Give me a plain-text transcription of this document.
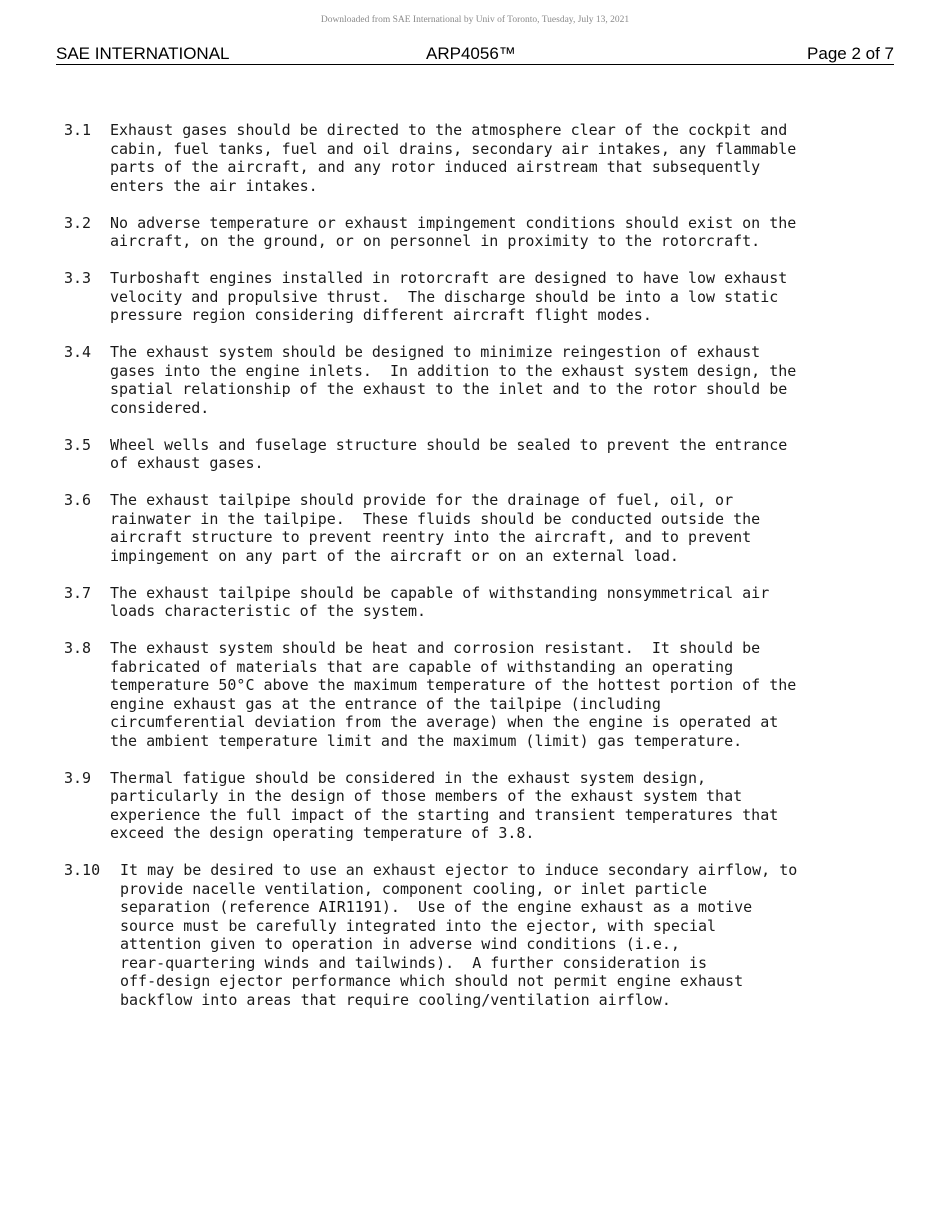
Downloaded from SAE International by Univ of Toronto, Tuesday, July 13, 2021
SAE INTERNATIONAL	ARP4056™	Page 2 of 7
3.1	Exhaust gases should be directed to the atmosphere clear of the cockpit and
cabin, fuel tanks, fuel and oil drains, secondary air intakes, any flammable
parts of the aircraft, and any rotor induced airstream that subsequently
enters the air intakes.
3.2	No adverse temperature or exhaust impingement conditions should exist on the
aircraft, on the ground, or on personnel in proximity to the rotorcraft.
3.3	Turboshaft engines installed in rotorcraft are designed to have low exhaust
velocity and propulsive thrust.  The discharge should be into a low static
pressure region considering different aircraft flight modes.
3.4	The exhaust system should be designed to minimize reingestion of exhaust
gases into the engine inlets.  In addition to the exhaust system design, the
spatial relationship of the exhaust to the inlet and to the rotor should be
considered.
3.5	Wheel wells and fuselage structure should be sealed to prevent the entrance
of exhaust gases.
3.6	The exhaust tailpipe should provide for the drainage of fuel, oil, or
rainwater in the tailpipe.  These fluids should be conducted outside the
aircraft structure to prevent reentry into the aircraft, and to prevent
impingement on any part of the aircraft or on an external load.
3.7	The exhaust tailpipe should be capable of withstanding nonsymmetrical air
loads characteristic of the system.
3.8	The exhaust system should be heat and corrosion resistant.  It should be
fabricated of materials that are capable of withstanding an operating
temperature 50°C above the maximum temperature of the hottest portion of the
engine exhaust gas at the entrance of the tailpipe (including
circumferential deviation from the average) when the engine is operated at
the ambient temperature limit and the maximum (limit) gas temperature.
3.9	Thermal fatigue should be considered in the exhaust system design,
particularly in the design of those members of the exhaust system that
experience the full impact of the starting and transient temperatures that
exceed the design operating temperature of 3.8.
3.10	It may be desired to use an exhaust ejector to induce secondary airflow, to
provide nacelle ventilation, component cooling, or inlet particle
separation (reference AIR1191).  Use of the engine exhaust as a motive
source must be carefully integrated into the ejector, with special
attention given to operation in adverse wind conditions (i.e.,
rear-quartering winds and tailwinds).  A further consideration is
off-design ejector performance which should not permit engine exhaust
backflow into areas that require cooling/ventilation airflow.
